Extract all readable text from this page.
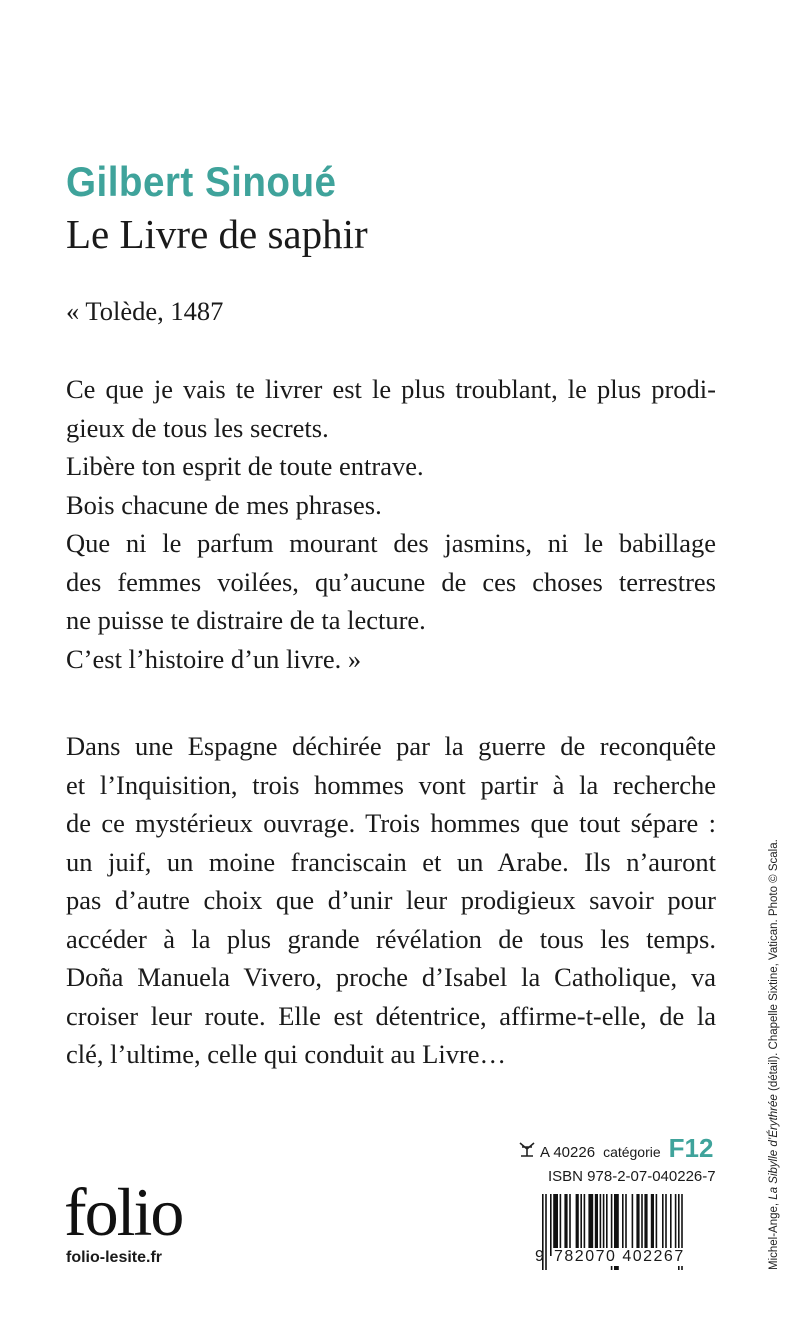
Gilbert Sinoué
Le Livre de saphir
« Tolède, 1487
Ce que je vais te livrer est le plus troublant, le plus prodi-
gieux de tous les secrets.
Libère ton esprit de toute entrave.
Bois chacune de mes phrases.
Que ni le parfum mourant des jasmins, ni le babillage
des femmes voilées, qu’aucune de ces choses terrestres
ne puisse te distraire de ta lecture.
C’est l’histoire d’un livre. »
Dans une Espagne déchirée par la guerre de reconquête
et l’Inquisition, trois hommes vont partir à la recherche
de ce mystérieux ouvrage. Trois hommes que tout sépare :
un juif, un moine franciscain et un Arabe. Ils n’auront
pas d’autre choix que d’unir leur prodigieux savoir pour
accéder à la plus grande révélation de tous les temps.
Doña Manuela Vivero, proche d’Isabel la Catholique, va
croiser leur route. Elle est détentrice, affirme-t-elle, de la
clé, l’ultime, celle qui conduit au Livre…
A 40226 catégorie F12

ISBN 978-2-07-040226-7

folio

folio-lesite.fr	9 782070 402267	Michel-Ange, La Sibylle d’Érythrée (détail). Chapelle Sixtine, Vatican. Photo © Scala.
